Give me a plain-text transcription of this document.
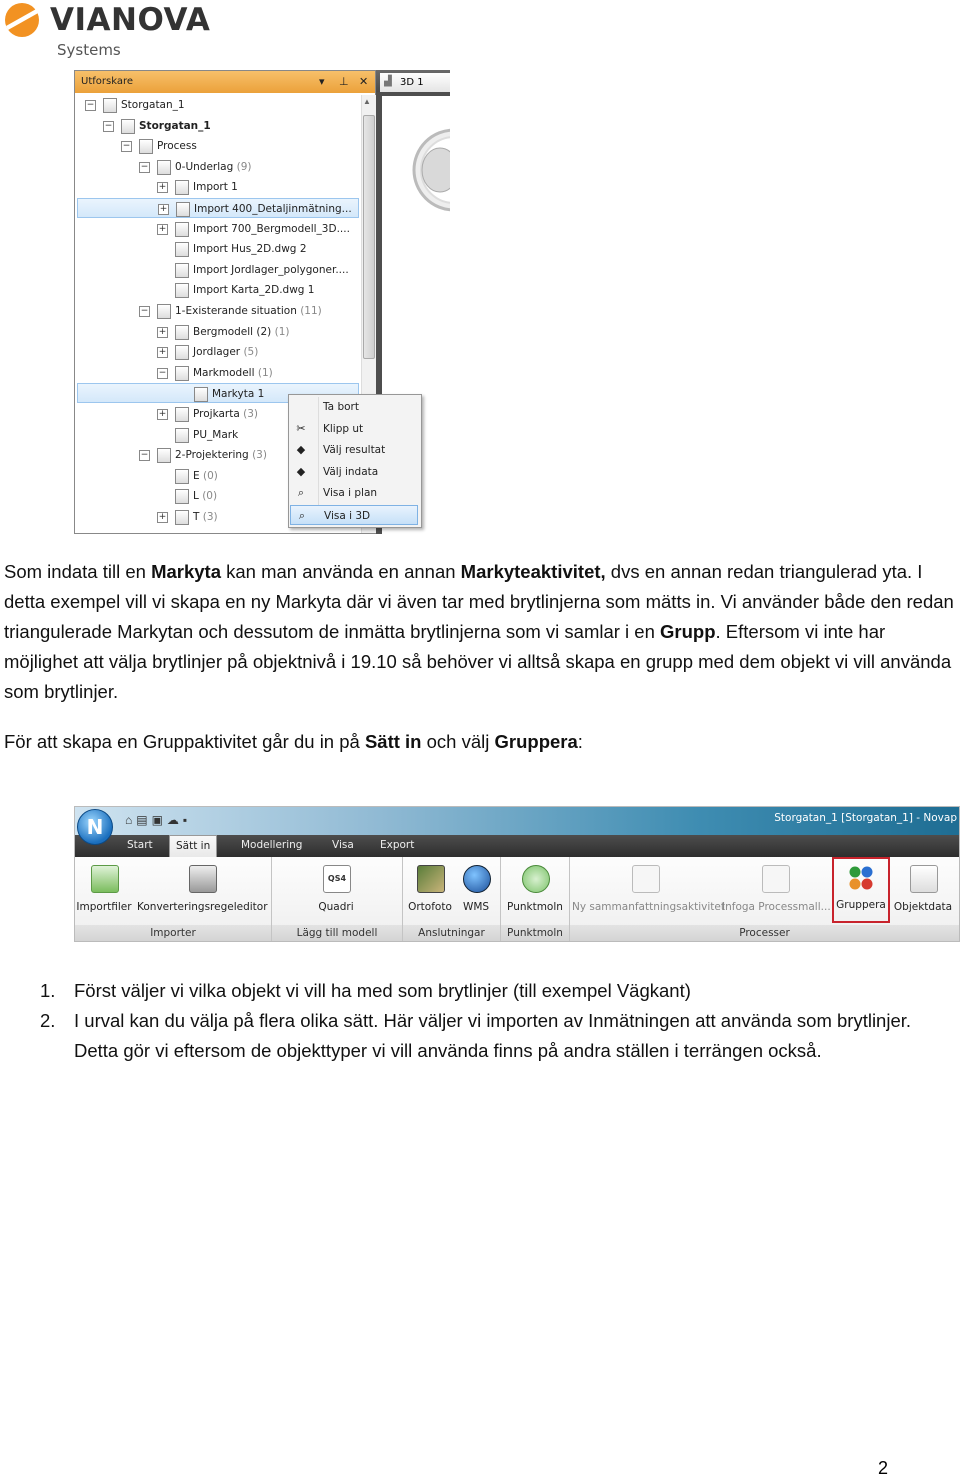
VIANOVA
Systems
Utforskare	▾ ⊥ ✕
−	Storgatan_1
−	Storgatan_1
−	Process
−	0-Underlag (9)
+	Import 1
+	Import 400_Detaljinmätning...
+	Import 700_Bergmodell_3D....
Import Hus_2D.dwg 2
Import Jordlager_polygoner....
Import Karta_2D.dwg 1
−	1-Existerande situation (11)
+	Bergmodell (2) (1)
+	Jordlager (5)
−	Markmodell (1)
Markyta 1
+	Projkarta (3)
PU_Mark
−	2-Projektering (3)
E (0)
L (0)
+	T (3)
▲
▟ 3D 1
Ta bort
✂ Klipp ut
◆ Välj resultat
◆ Välj indata
⌕	Visa i plan
⌕	Visa i 3D
Som indata till en Markyta kan man använda en annan Markyteaktivitet, dvs en annan redan triangulerad yta. I detta exempel vill vi skapa en ny Markyta där vi även tar med brytlinjerna som mätts in. Vi använder både den redan triangulerade Markytan och dessutom de inmätta brytlinjerna som vi samlar i en Grupp. Eftersom vi inte har möjlighet att välja brytlinjer på objektnivå i 19.10 så behöver vi alltså skapa en grupp med dem objekt vi vill använda som brytlinjer.
För att skapa en Gruppaktivitet går du in på Sätt in och välj Gruppera:
⌂▤▣☁▪	Storgatan_1 [Storgatan_1] - Novap
Start	Sätt in	Modellering	Visa Export
N
Importfiler Konverteringsregeleditor
Importer
QS4
Quadri
Lägg till modell
Ortofoto	WMS
Anslutningar
Punktmoln
Punktmoln
Ny sammanfattningsaktivitet
Infoga Processmall... Gruppera Objektdata
Processer
1. Först väljer vi vilka objekt vi vill ha med som brytlinjer (till exempel Vägkant)
2. I urval kan du välja på flera olika sätt. Här väljer vi importen av Inmätningen att använda som brytlinjer. Detta gör vi eftersom de objekttyper vi vill använda finns på andra ställen i terrängen också.
2
